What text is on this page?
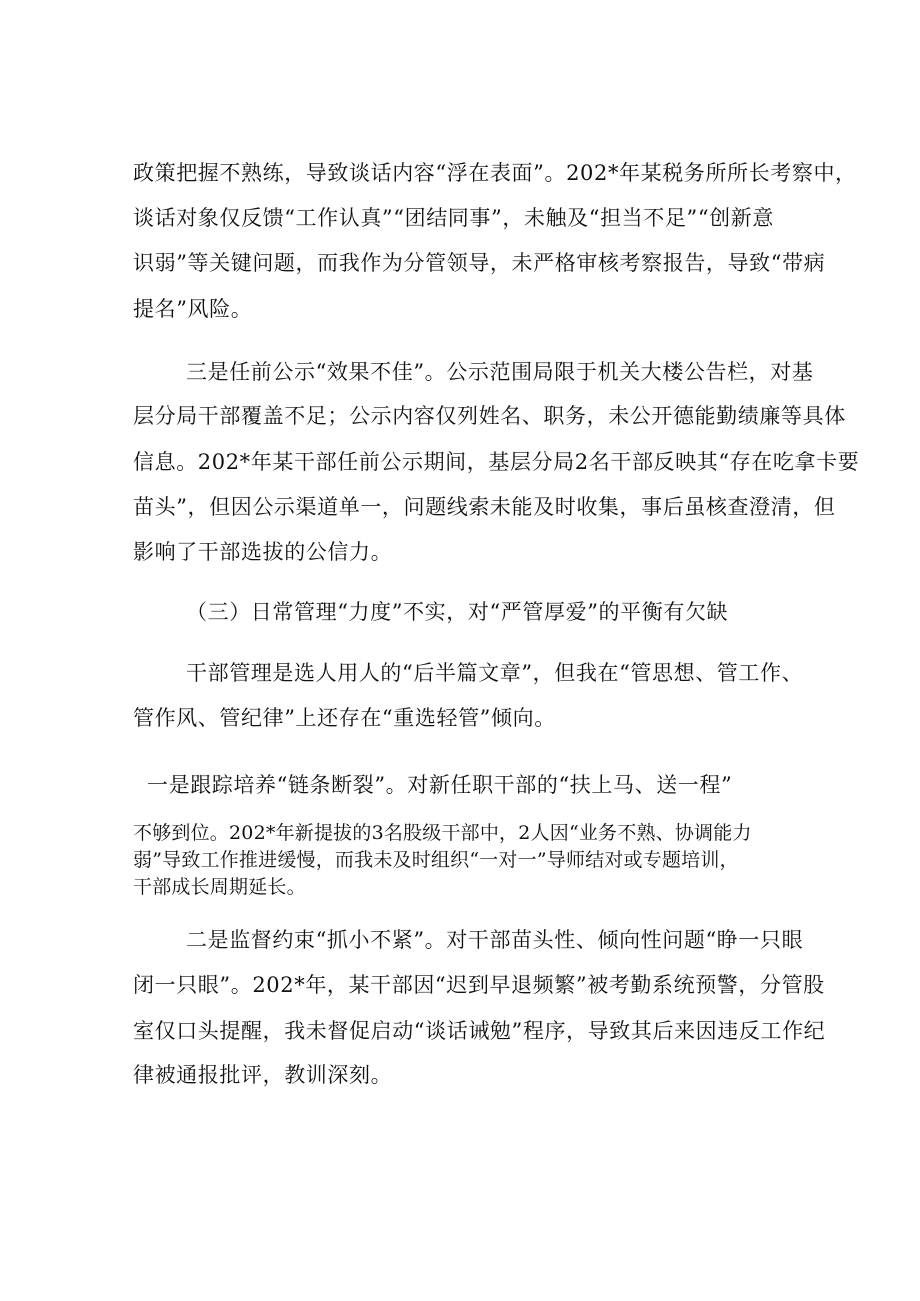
政策把握不熟练，导致谈话内容“浮在表面”。202*年某税务所所长考察中，
谈话对象仅反馈“工作认真”“团结同事”，未触及“担当不足”“创新意
识弱”等关键问题，而我作为分管领导，未严格审核考察报告，导致“带病
提名”风险。
三是任前公示“效果不佳”。公示范围局限于机关大楼公告栏，对基
层分局干部覆盖不足；公示内容仅列姓名、职务，未公开德能勤绩廉等具体
信息。202*年某干部任前公示期间，基层分局2名干部反映其“存在吃拿卡要
苗头”，但因公示渠道单一，问题线索未能及时收集，事后虽核查澄清，但
影响了干部选拔的公信力。
（三）日常管理“力度”不实，对“严管厚爱”的平衡有欠缺
干部管理是选人用人的“后半篇文章”，但我在“管思想、管工作、
管作风、管纪律”上还存在“重选轻管”倾向。
一是跟踪培养“链条断裂”。对新任职干部的“扶上马、送一程”
不够到位。202*年新提拔的3名股级干部中，2人因“业务不熟、协调能力
弱”导致工作推进缓慢，而我未及时组织“一对一”导师结对或专题培训，
干部成长周期延长。
二是监督约束“抓小不紧”。对干部苗头性、倾向性问题“睁一只眼
闭一只眼”。202*年，某干部因“迟到早退频繁”被考勤系统预警，分管股
室仅口头提醒，我未督促启动“谈话诫勉”程序，导致其后来因违反工作纪
律被通报批评，教训深刻。
